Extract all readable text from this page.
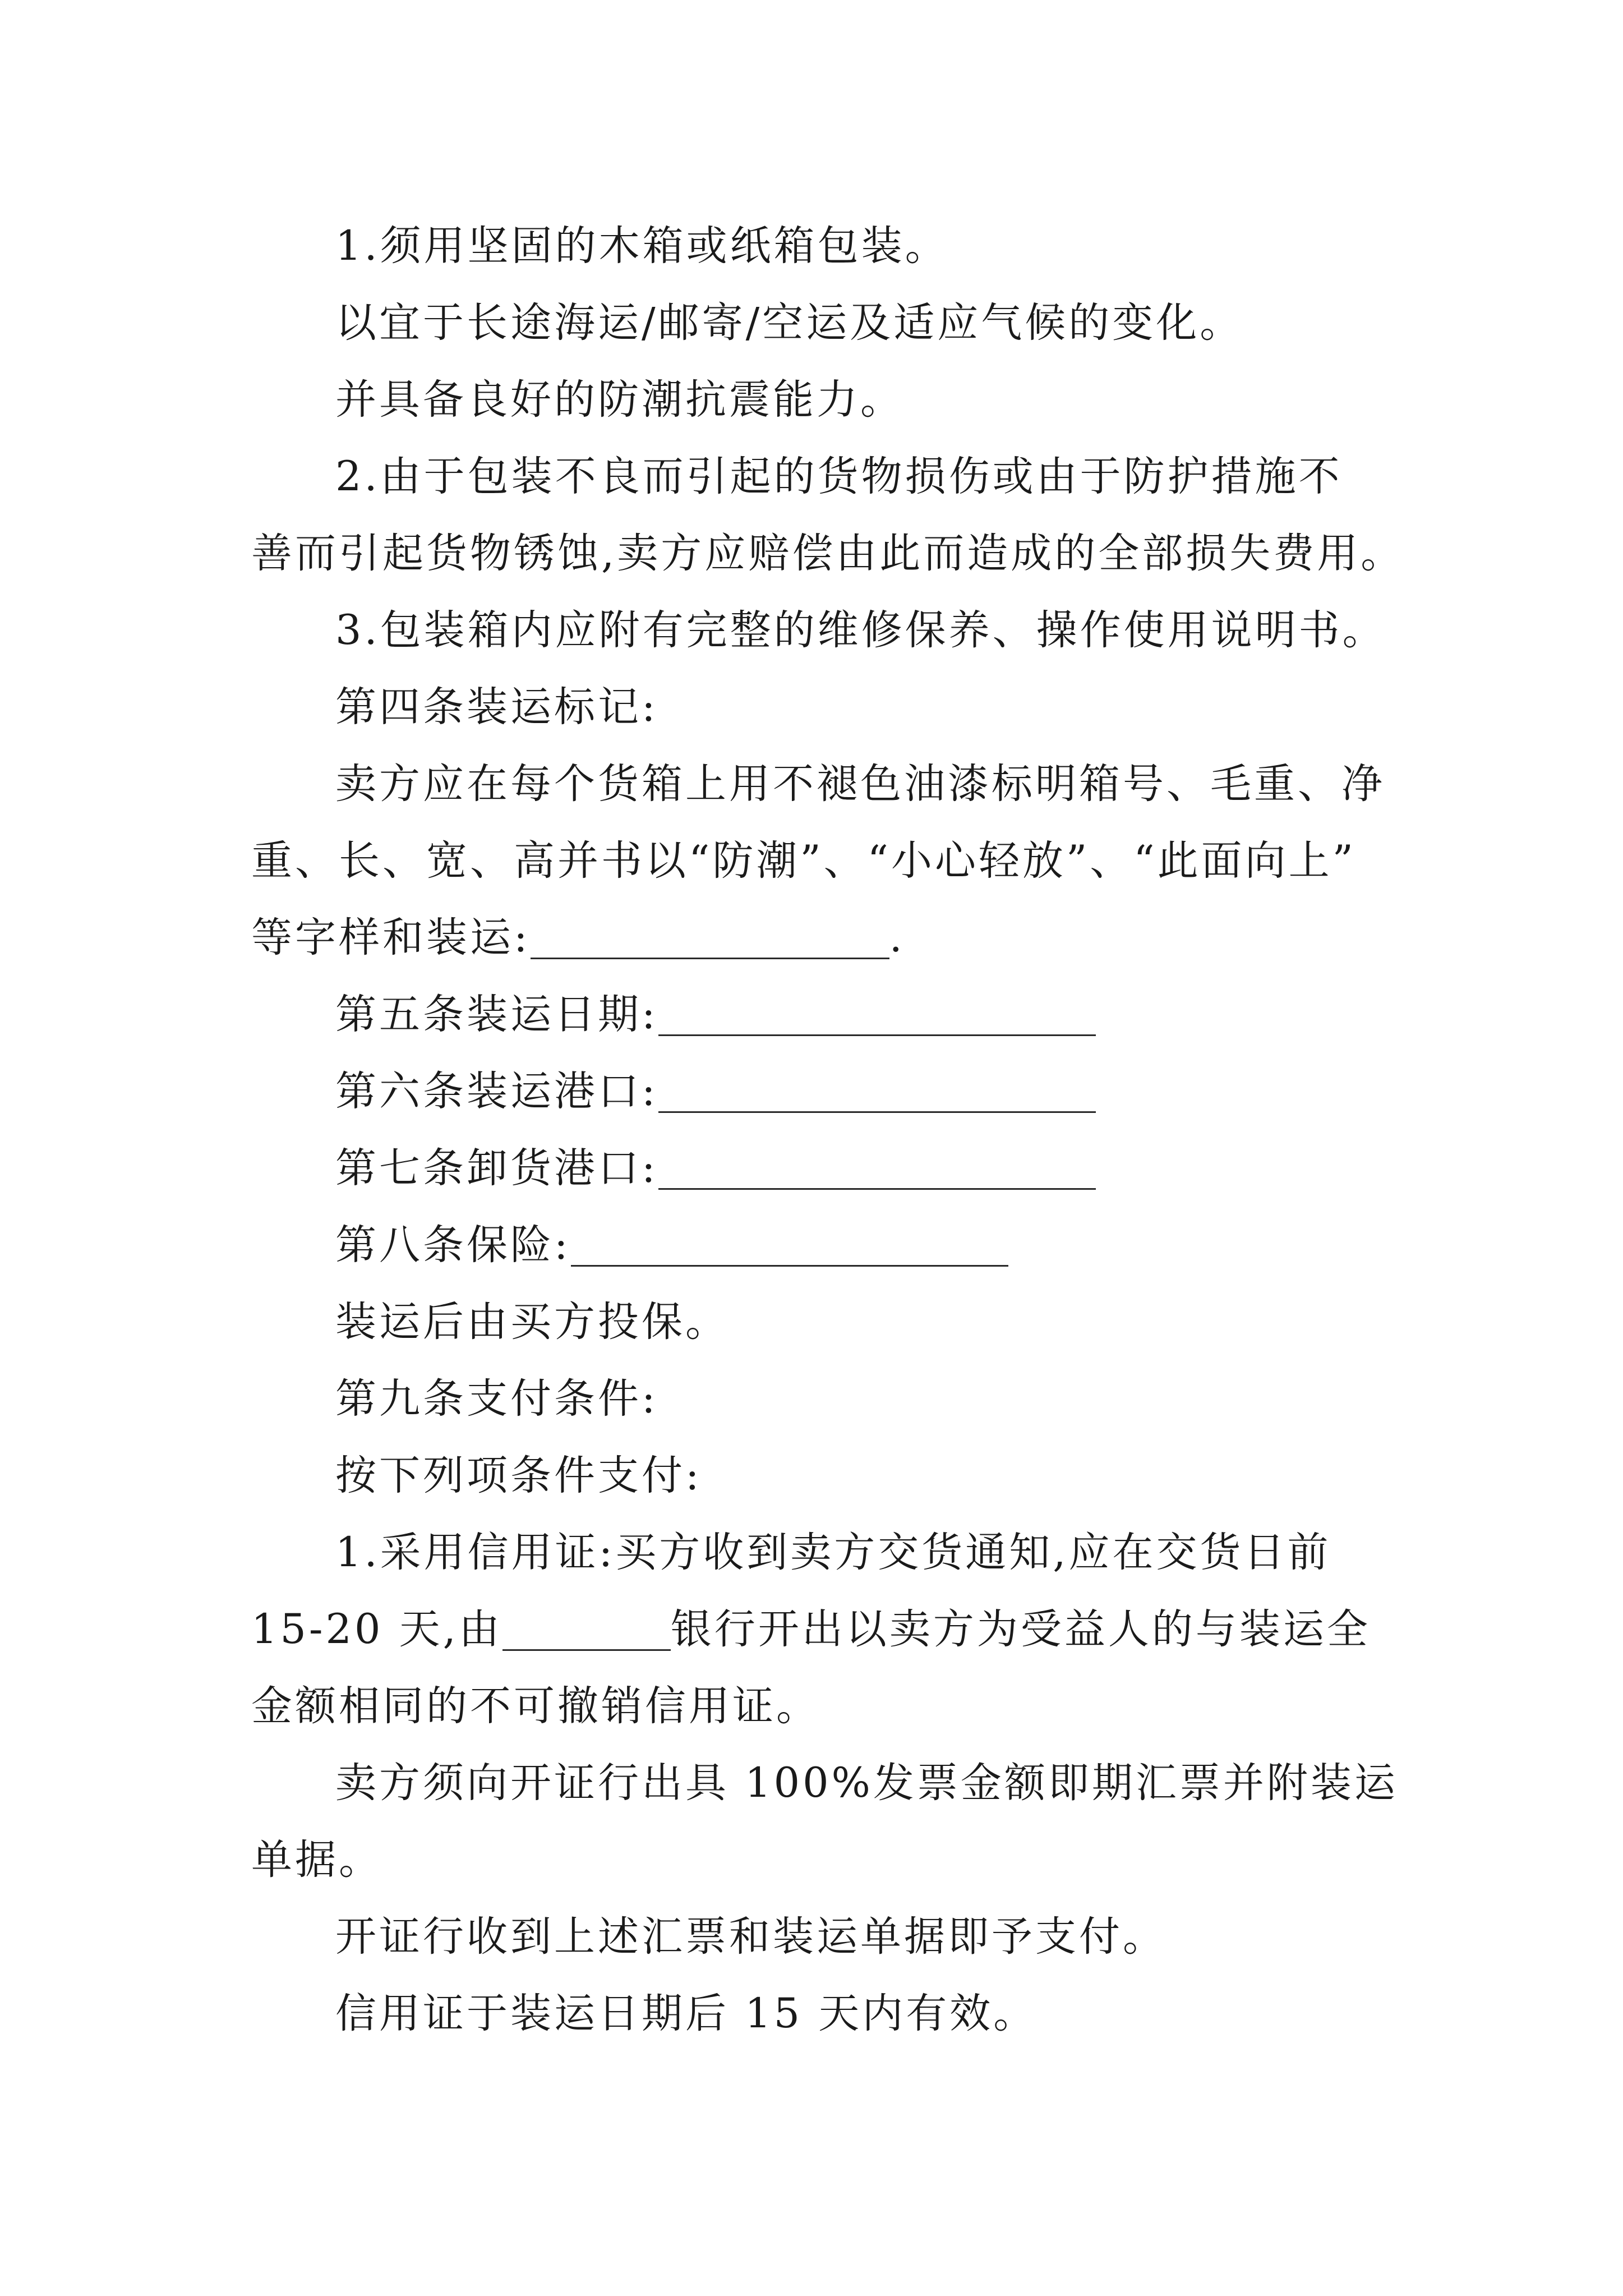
1.须用坚固的木箱或纸箱包装。
以宜于长途海运/邮寄/空运及适应气候的变化。
并具备良好的防潮抗震能力。
2.由于包装不良而引起的货物损伤或由于防护措施不
善而引起货物锈蚀,卖方应赔偿由此而造成的全部损失费用。
3.包装箱内应附有完整的维修保养、操作使用说明书。
第四条装运标记:
卖方应在每个货箱上用不褪色油漆标明箱号、毛重、净
重、长、宽、高并书以“防潮”、“小心轻放”、“此面向上”
等字样和装运:	.
第五条装运日期:
第六条装运港口:
第七条卸货港口:
第八条保险:
装运后由买方投保。
第九条支付条件:
按下列项条件支付:
1.采用信用证:买方收到卖方交货通知,应在交货日前
15-20 天,由	银行开出以卖方为受益人的与装运全
金额相同的不可撤销信用证。
卖方须向开证行出具 100%发票金额即期汇票并附装运
单据。
开证行收到上述汇票和装运单据即予支付。
信用证于装运日期后 15 天内有效。
